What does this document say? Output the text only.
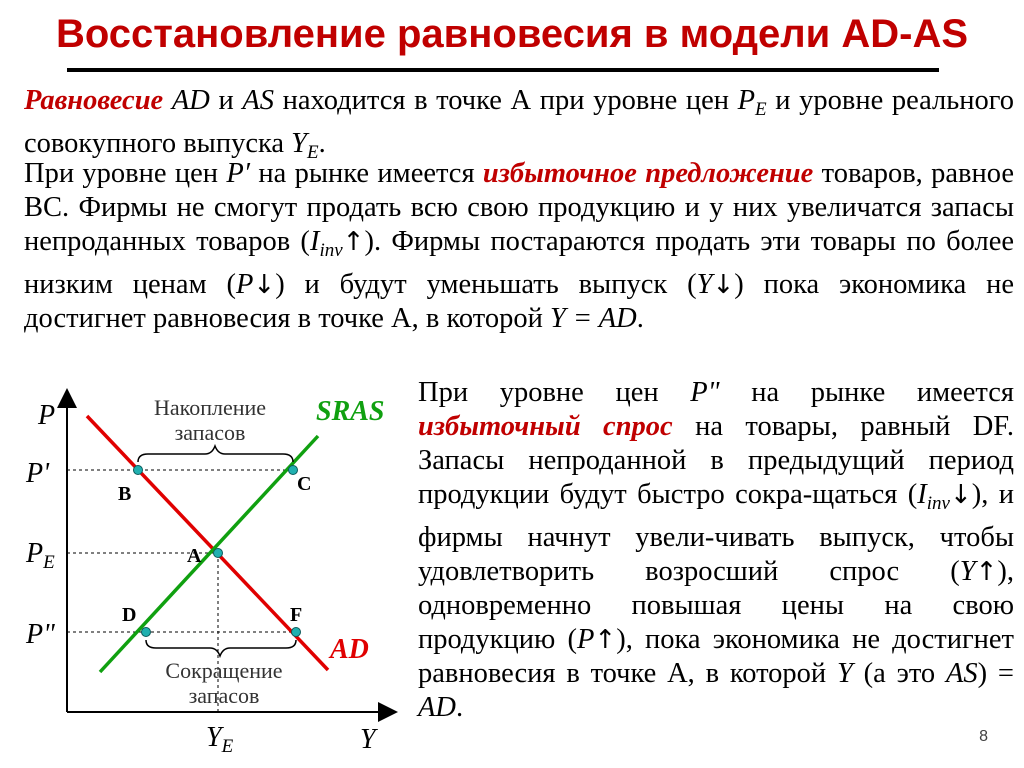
Восстановление равновесия в модели AD-AS

Равновесие AD и AS находится в точке А при уровне цен $P_E$ и уровне реального совокупного выпуска $Y_E$.

При уровне цен P′ на рынке имеется избыточное предложение товаров, равное ВС. Фирмы не смогут продать всю свою продукцию и у них увеличатся запасы непроданных товаров $(I_{inv}↑)$. Фирмы постараются продать эти товары по более низким ценам (P↓) и будут уменьшать выпуск (Y↓) пока экономика не достигнет равновесия в точке А, в которой Y = AD.

При уровне цен P" на рынке имеется избыточный спрос на товары, равный DF. Запасы непроданной в предыдущий период продукции будут быстро сокра-щаться $(I_{inv}↓)$, и фирмы начнут увели-чивать выпуск, чтобы удовлетворить возросший спрос (Y↑), одновременно повышая цены на свою продукцию (P↑), пока экономика не достигнет равновесия в точке А, в которой Y (а это AS) = AD.

P
Y
P'
$P_E$
P"
$Y_E$
SRAS
AD
A
B	C
D	F
Накопление
запасов
Сокращение
запасов
8
